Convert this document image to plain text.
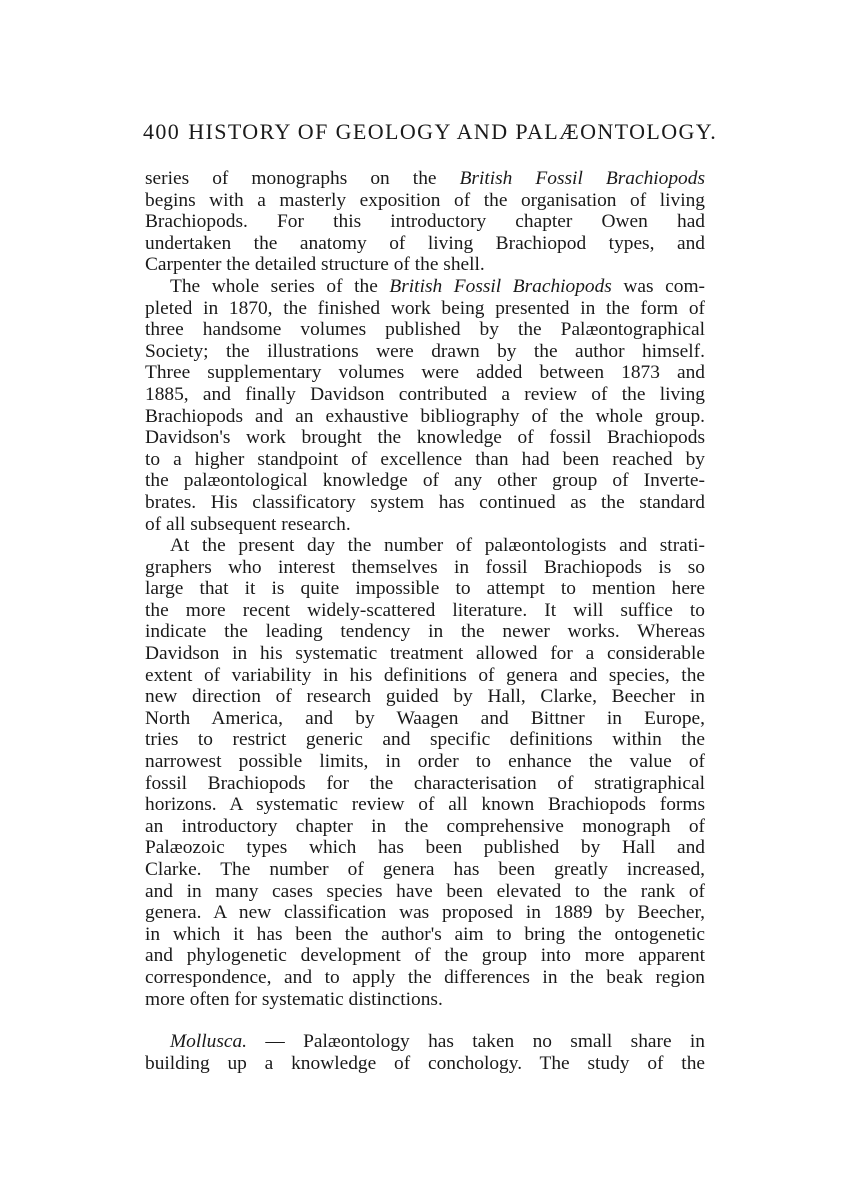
400 HISTORY OF GEOLOGY AND PALÆONTOLOGY.
series of monographs on the British Fossil Brachiopods
begins with a masterly exposition of the organisation of living
Brachiopods. For this introductory chapter Owen had
undertaken the anatomy of living Brachiopod types, and
Carpenter the detailed structure of the shell.
The whole series of the British Fossil Brachiopods was com-
pleted in 1870, the finished work being presented in the form of
three handsome volumes published by the Palæontographical
Society; the illustrations were drawn by the author himself.
Three supplementary volumes were added between 1873 and
1885, and finally Davidson contributed a review of the living
Brachiopods and an exhaustive bibliography of the whole group.
Davidson's work brought the knowledge of fossil Brachiopods
to a higher standpoint of excellence than had been reached by
the palæontological knowledge of any other group of Inverte-
brates. His classificatory system has continued as the standard
of all subsequent research.
At the present day the number of palæontologists and strati-
graphers who interest themselves in fossil Brachiopods is so
large that it is quite impossible to attempt to mention here
the more recent widely-scattered literature. It will suffice to
indicate the leading tendency in the newer works. Whereas
Davidson in his systematic treatment allowed for a considerable
extent of variability in his definitions of genera and species, the
new direction of research guided by Hall, Clarke, Beecher in
North America, and by Waagen and Bittner in Europe,
tries to restrict generic and specific definitions within the
narrowest possible limits, in order to enhance the value of
fossil Brachiopods for the characterisation of stratigraphical
horizons. A systematic review of all known Brachiopods forms
an introductory chapter in the comprehensive monograph of
Palæozoic types which has been published by Hall and
Clarke. The number of genera has been greatly increased,
and in many cases species have been elevated to the rank of
genera. A new classification was proposed in 1889 by Beecher,
in which it has been the author's aim to bring the ontogenetic
and phylogenetic development of the group into more apparent
correspondence, and to apply the differences in the beak region
more often for systematic distinctions.
Mollusca. — Palæontology has taken no small share in
building up a knowledge of conchology. The study of the
